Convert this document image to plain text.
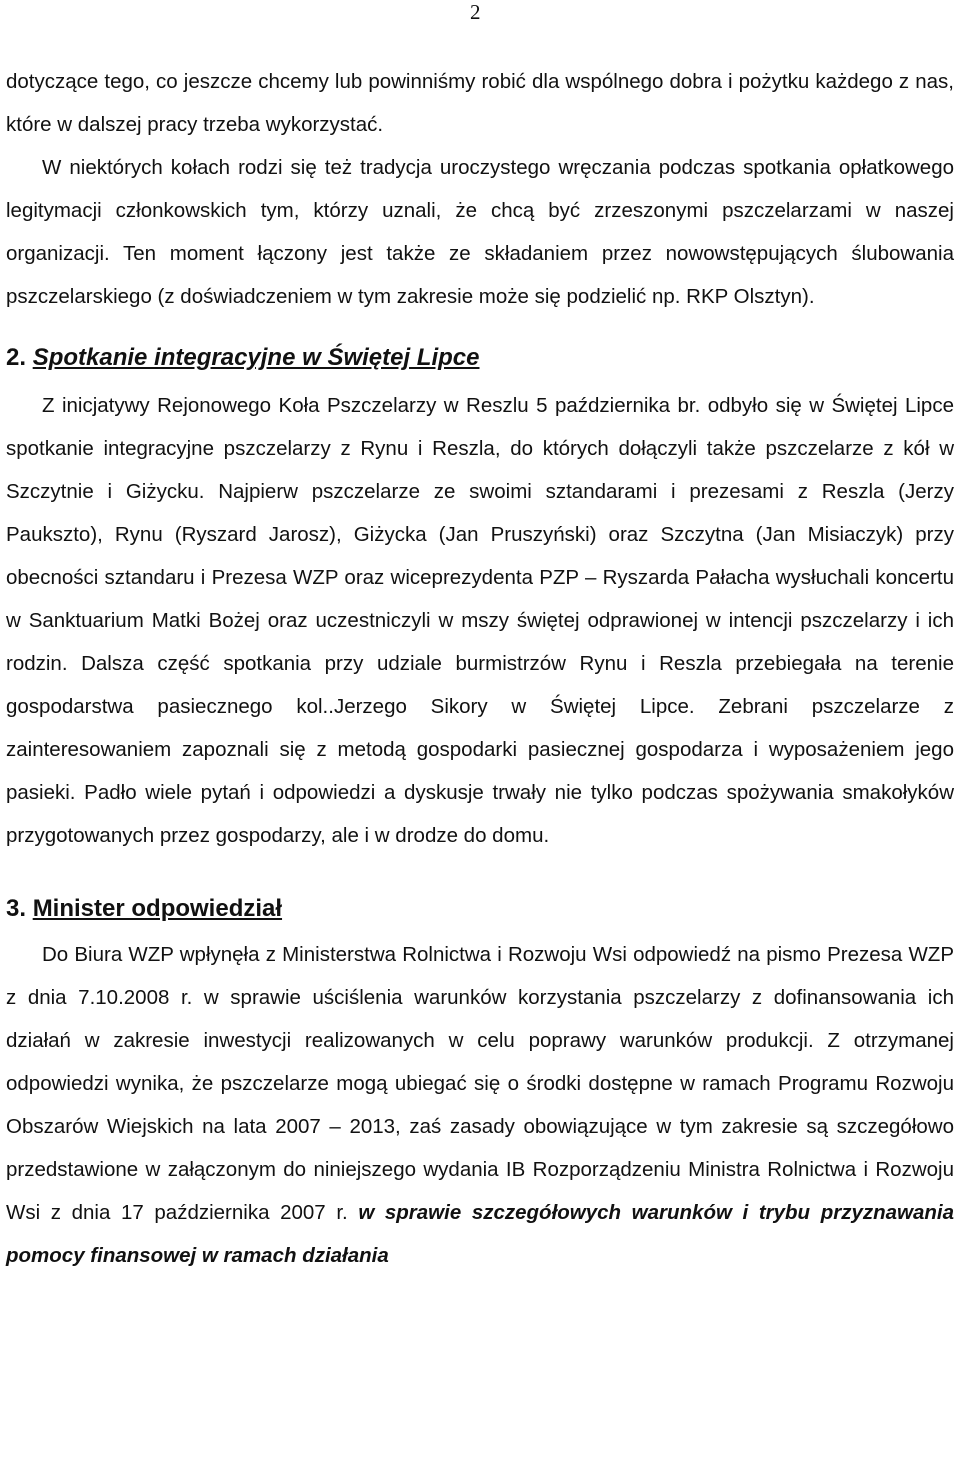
2

dotyczące tego, co jeszcze chcemy lub powinniśmy robić dla wspólnego dobra i pożytku każdego z nas, które w dalszej pracy trzeba wykorzystać.

W niektórych kołach rodzi się też tradycja uroczystego wręczania podczas spotkania opłatkowego legitymacji członkowskich tym, którzy uznali, że chcą być zrzeszonymi pszczelarzami w naszej organizacji. Ten moment łączony jest także ze składaniem przez nowowstępujących ślubowania pszczelarskiego (z doświadczeniem w tym zakresie może się podzielić np. RKP Olsztyn).

2. Spotkanie integracyjne w Świętej Lipce

Z inicjatywy Rejonowego Koła Pszczelarzy w Reszlu 5 października br. odbyło się w Świętej Lipce spotkanie integracyjne pszczelarzy z Rynu i Reszla, do których dołączyli także pszczelarze z kół w Szczytnie i Giżycku. Najpierw pszczelarze ze swoimi sztandarami i prezesami z Reszla (Jerzy Paukszto), Rynu (Ryszard Jarosz), Giżycka (Jan Pruszyński) oraz Szczytna (Jan Misiaczyk) przy obecności sztandaru i Prezesa WZP oraz wiceprezydenta PZP – Ryszarda Pałacha wysłuchali koncertu w Sanktuarium Matki Bożej oraz uczestniczyli w mszy świętej odprawionej w intencji pszczelarzy i ich rodzin. Dalsza część spotkania przy udziale burmistrzów Rynu i Reszla przebiegała na terenie gospodarstwa pasiecznego kol..Jerzego Sikory w Świętej Lipce. Zebrani pszczelarze z zainteresowaniem zapoznali się z metodą gospodarki pasiecznej gospodarza i wyposażeniem jego pasieki. Padło wiele pytań i odpowiedzi a dyskusje trwały nie tylko podczas spożywania smakołyków przygotowanych przez gospodarzy, ale i w drodze do domu.

3. Minister odpowiedział

Do Biura WZP wpłynęła z Ministerstwa Rolnictwa i Rozwoju Wsi odpowiedź na pismo Prezesa WZP z dnia 7.10.2008 r. w sprawie uściślenia warunków korzystania pszczelarzy z dofinansowania ich działań w zakresie inwestycji realizowanych w celu poprawy warunków produkcji. Z otrzymanej odpowiedzi wynika, że pszczelarze mogą ubiegać się o środki dostępne w ramach Programu Rozwoju Obszarów Wiejskich na lata 2007 – 2013, zaś zasady obowiązujące w tym zakresie są szczegółowo przedstawione w załączonym do niniejszego wydania IB Rozporządzeniu Ministra Rolnictwa i Rozwoju Wsi z dnia 17 października 2007 r. w sprawie szczegółowych warunków i trybu przyznawania pomocy finansowej w ramach działania
